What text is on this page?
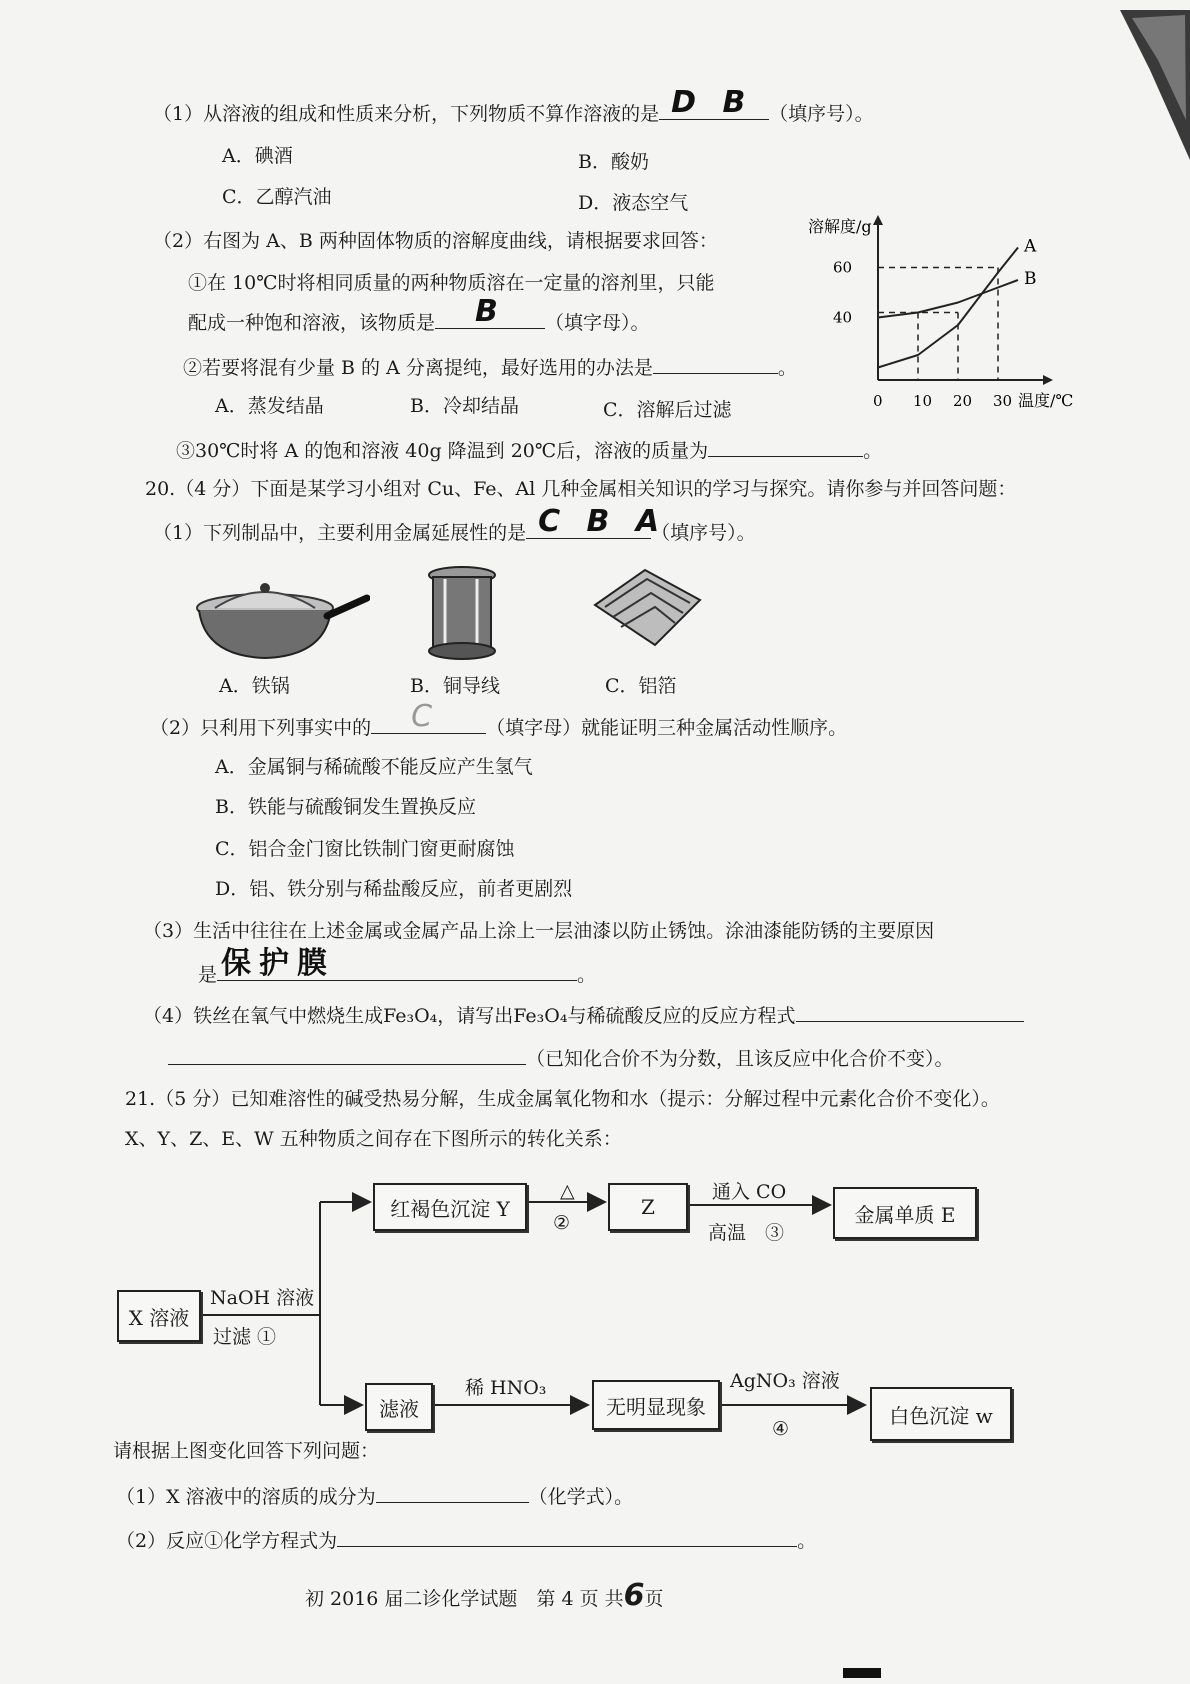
（1）从溶液的组成和性质来分析，下列物质不算作溶液的是 D B （填序号）。
A．碘酒	B．酸奶
C．乙醇汽油	D．液态空气
（2）右图为 A、B 两种固体物质的溶解度曲线，请根据要求回答：
①在 10℃时将相同质量的两种物质溶在一定量的溶剂里，只能
配成一种饱和溶液，该物质是 B （填字母）。
②若要将混有少量 B 的 A 分离提纯，最好选用的办法是	。
A．蒸发结晶	B．冷却结晶	C．溶解后过滤
③30℃时将 A 的饱和溶液 40g 降温到 20℃后，溶液的质量为	。
溶解度/g
温度/℃
0 10 20 30
40
60
A
B
20.（4 分）下面是某学习小组对 Cu、Fe、Al 几种金属相关知识的学习与探究。请你参与并回答问题：
（1）下列制品中，主要利用金属延展性的是 C B A
（填序号）。
A．铁锅	B．铜导线	C．铝箔
（2）只利用下列事实中的 C （填字母）就能证明三种金属活动性顺序。
A．金属铜与稀硫酸不能反应产生氢气
B．铁能与硫酸铜发生置换反应
C．铝合金门窗比铁制门窗更耐腐蚀
D．铝、铁分别与稀盐酸反应，前者更剧烈
（3）生活中往往在上述金属或金属产品上涂上一层油漆以防止锈蚀。涂油漆能防锈的主要原因
是 保护膜	。
（4）铁丝在氧气中燃烧生成Fe₃O₄，请写出Fe₃O₄与稀硫酸反应的反应方程式
（已知化合价不为分数，且该反应中化合价不变）。
21.（5 分）已知难溶性的碱受热易分解，生成金属氧化物和水（提示：分解过程中元素化合价不变化）。
X、Y、Z、E、W 五种物质之间存在下图所示的转化关系：
X 溶液
NaOH 溶液
过滤 ①
红褐色沉淀 Y
△
②
Z
通入 CO
高温　③
金属单质 E
滤液
稀 HNO₃
无明显现象
AgNO₃ 溶液
④
白色沉淀 w
请根据上图变化回答下列问题：
（1）X 溶液中的溶质的成分为	（化学式）。
（2）反应①化学方程式为	。
初 2016 届二诊化学试题　第 4 页 共6页
